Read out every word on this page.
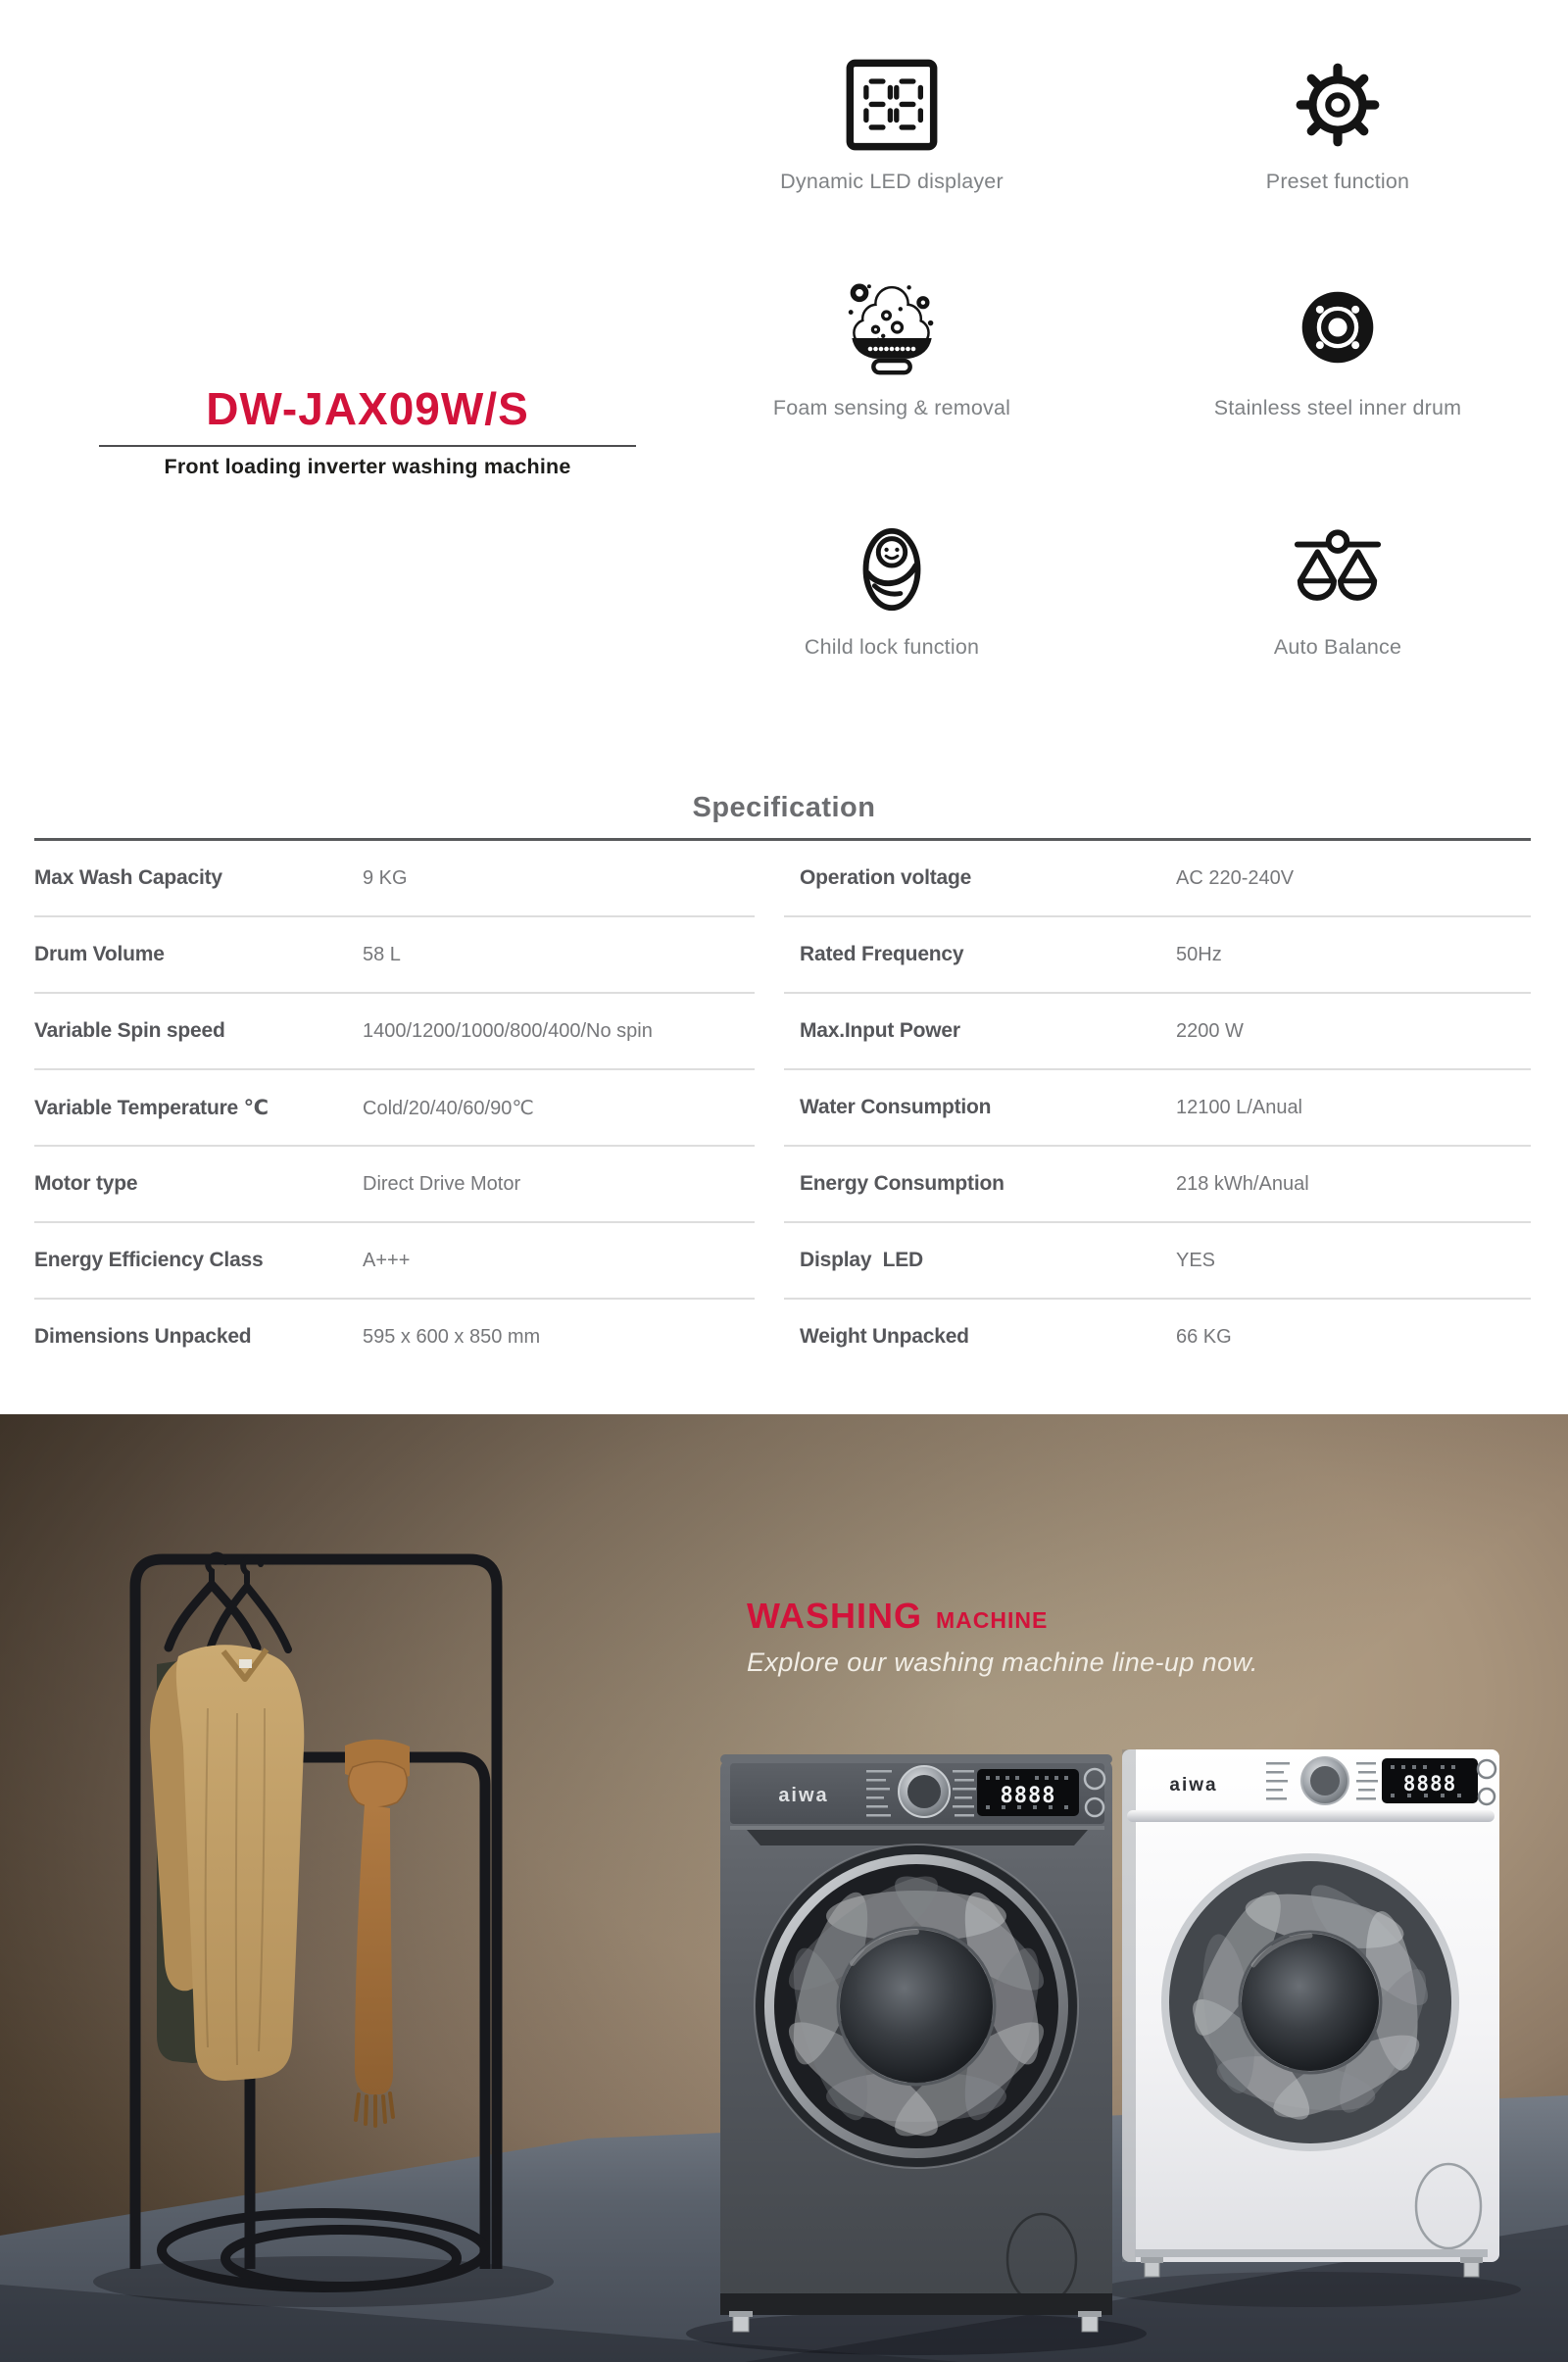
Dynamic LED displayer	Preset function
Foam sensing & removal	Stainless steel inner drum
Child lock function	Auto Balance
DW-JAX09W/S
Front loading inverter washing machine
Specification
Max Wash Capacity	9 KG
Drum Volume	58 L
Variable Spin speed	1400/1200/1000/800/400/No spin
Variable Temperature ℃	Cold/20/40/60/90℃
Motor type	Direct Drive Motor
Energy Efficiency Class	A+++
Dimensions Unpacked	595 x 600 x 850 mm
Operation voltage	AC 220-240V
Rated Frequency	50Hz
Max.Input Power	2200 W
Water Consumption	12100 L/Anual
Energy Consumption	218 kWh/Anual
Display  LED	YES
Weight Unpacked	66 KG
aiwa	8888	aiwa	8888
WASHING MACHINE
Explore our washing machine line-up now.
